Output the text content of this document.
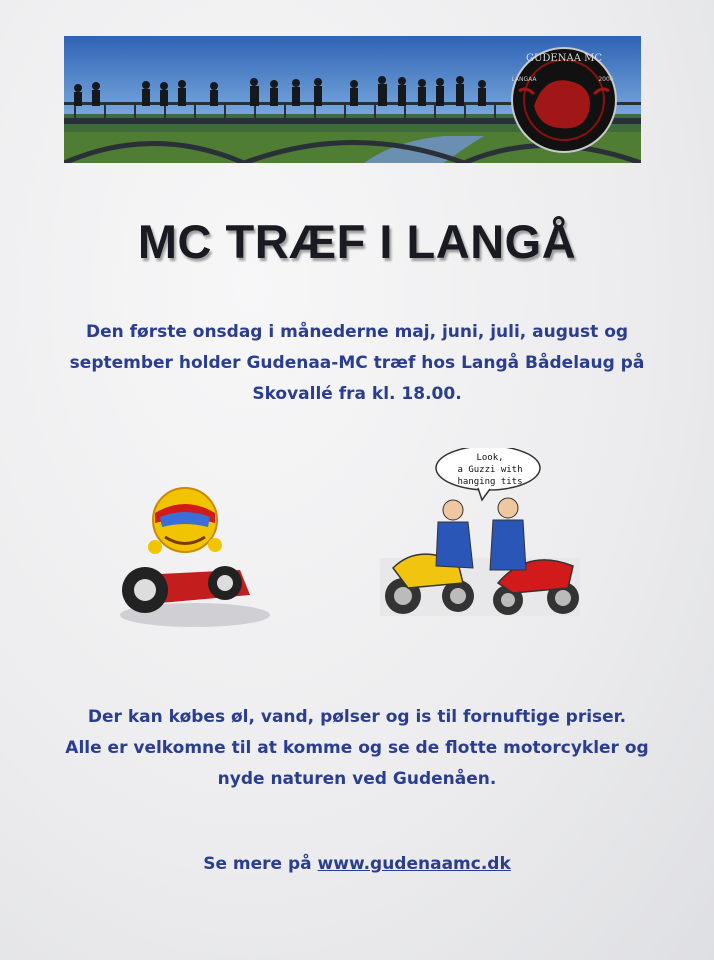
GUDENAA MC
LANGAA	2006
MC TRÆF I LANGÅ
Den første onsdag i månederne maj, juni, juli, august og
september holder Gudenaa-MC træf hos Langå Bådelaug på
Skovallé fra kl. 18.00.
Look,
a Guzzi with
hanging tits
Der kan købes øl, vand, pølser og is til fornuftige priser.
Alle er velkomne til at komme og se de flotte motorcykler og
nyde naturen ved Gudenåen.
Se mere på www.gudenaamc.dk
